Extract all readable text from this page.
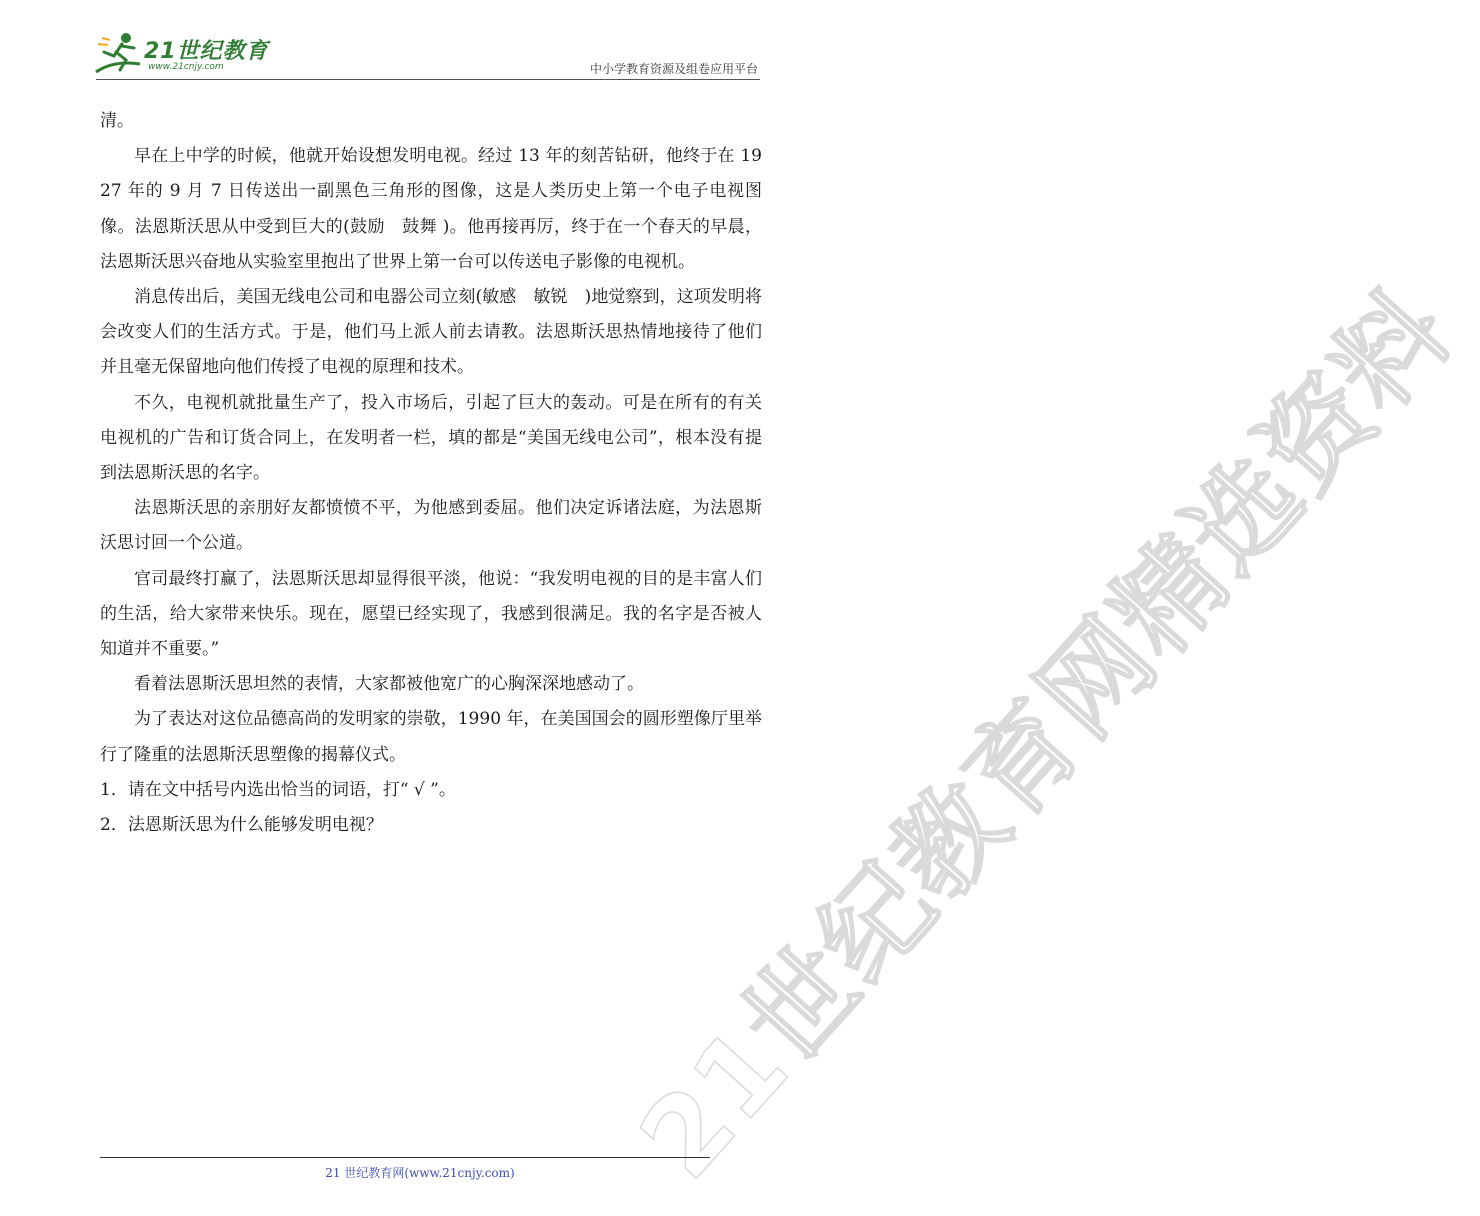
21世纪教育
www.21cnjy.com	中小学教育资源及组卷应用平台
21世纪教育网精选资料

清。

早在上中学的时候，他就开始设想发明电视。经过 13 年的刻苦钻研，他终于在 1927 年的 9 月 7 日传送出一副黑色三角形的图像，这是人类历史上第一个电子电视图像。法恩斯沃思从中受到巨大的(鼓励　鼓舞 )。他再接再厉，终于在一个春天的早晨，法恩斯沃思兴奋地从实验室里抱出了世界上第一台可以传送电子影像的电视机。

消息传出后，美国无线电公司和电器公司立刻(敏感　敏锐　)地觉察到，这项发明将会改变人们的生活方式。于是，他们马上派人前去请教。法恩斯沃思热情地接待了他们并且毫无保留地向他们传授了电视的原理和技术。

不久，电视机就批量生产了，投入市场后，引起了巨大的轰动。可是在所有的有关电视机的广告和订货合同上，在发明者一栏，填的都是“美国无线电公司”，根本没有提到法恩斯沃思的名字。

法恩斯沃思的亲朋好友都愤愤不平，为他感到委屈。他们决定诉诸法庭，为法恩斯沃思讨回一个公道。

官司最终打赢了，法恩斯沃思却显得很平淡，他说：“我发明电视的目的是丰富人们的生活，给大家带来快乐。现在，愿望已经实现了，我感到很满足。我的名字是否被人知道并不重要。”

看着法恩斯沃思坦然的表情，大家都被他宽广的心胸深深地感动了。

为了表达对这位品德高尚的发明家的崇敬，1990 年，在美国国会的圆形塑像厅里举行了隆重的法恩斯沃思塑像的揭幕仪式。

1．请在文中括号内选出恰当的词语，打“ √ ”。

2．法恩斯沃思为什么能够发明电视？

21 世纪教育网(www.21cnjy.com)
